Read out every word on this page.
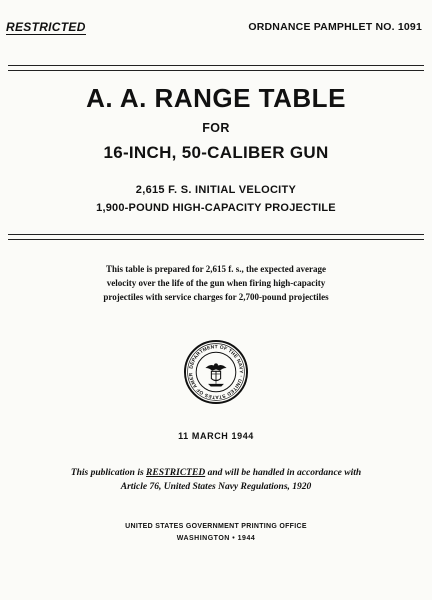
RESTRICTED	ORDNANCE PAMPHLET NO. 1091
A. A. RANGE TABLE
FOR
16-INCH, 50-CALIBER GUN
2,615 F. S. INITIAL VELOCITY
1,900-POUND HIGH-CAPACITY PROJECTILE
This table is prepared for 2,615 f. s., the expected average
velocity over the life of the gun when firing high-capacity
projectiles with service charges for 2,700-pound projectiles
DEPARTMENT OF THE NAVY · UNITED STATES OF AMER
11 MARCH 1944
This publication is RESTRICTED and will be handled in accordance with
Article 76, United States Navy Regulations, 1920
UNITED STATES GOVERNMENT PRINTING OFFICE
WASHINGTON • 1944
